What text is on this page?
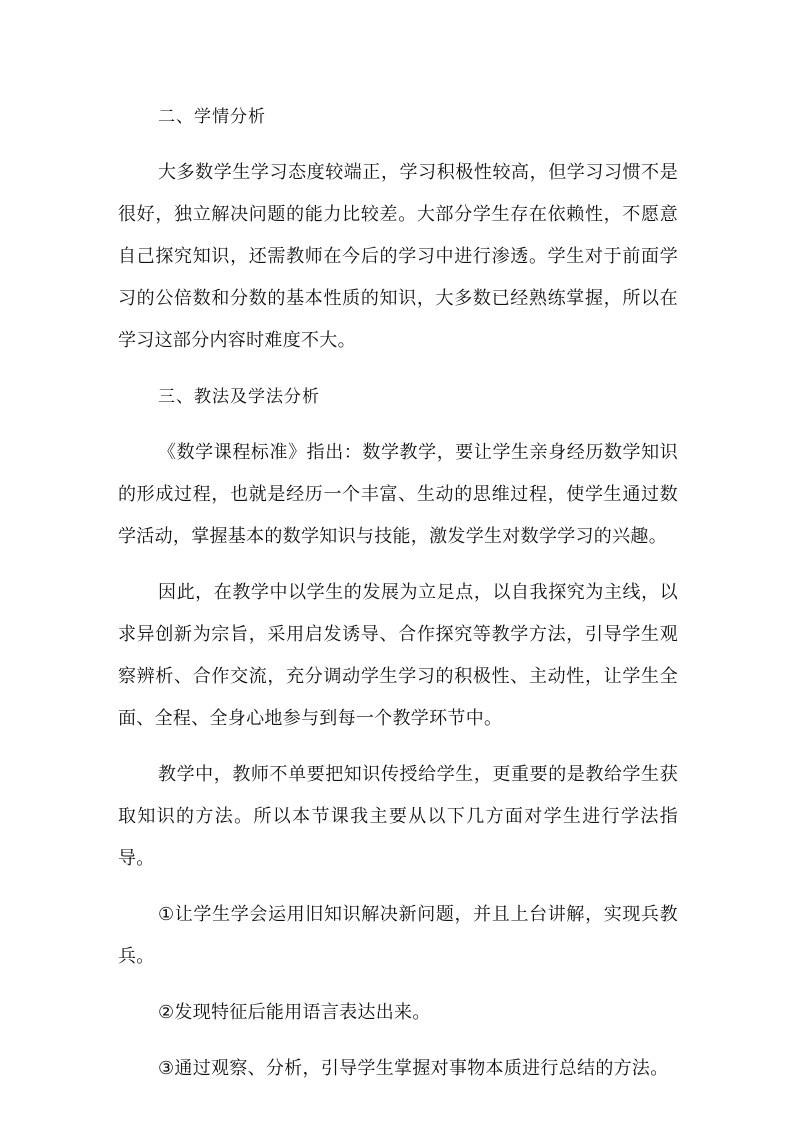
二、学情分析

大多数学生学习态度较端正，学习积极性较高，但学习习惯不是很好，独立解决问题的能力比较差。大部分学生存在依赖性，不愿意自己探究知识，还需教师在今后的学习中进行渗透。学生对于前面学习的公倍数和分数的基本性质的知识，大多数已经熟练掌握，所以在学习这部分内容时难度不大。

三、教法及学法分析

《数学课程标准》指出：数学教学，要让学生亲身经历数学知识的形成过程，也就是经历一个丰富、生动的思维过程，使学生通过数学活动，掌握基本的数学知识与技能，激发学生对数学学习的兴趣。

因此，在教学中以学生的发展为立足点，以自我探究为主线，以求异创新为宗旨，采用启发诱导、合作探究等教学方法，引导学生观察辨析、合作交流，充分调动学生学习的积极性、主动性，让学生全面、全程、全身心地参与到每一个教学环节中。

教学中，教师不单要把知识传授给学生，更重要的是教给学生获取知识的方法。所以本节课我主要从以下几方面对学生进行学法指导。

①让学生学会运用旧知识解决新问题，并且上台讲解，实现兵教兵。

②发现特征后能用语言表达出来。

③通过观察、分析，引导学生掌握对事物本质进行总结的方法。
